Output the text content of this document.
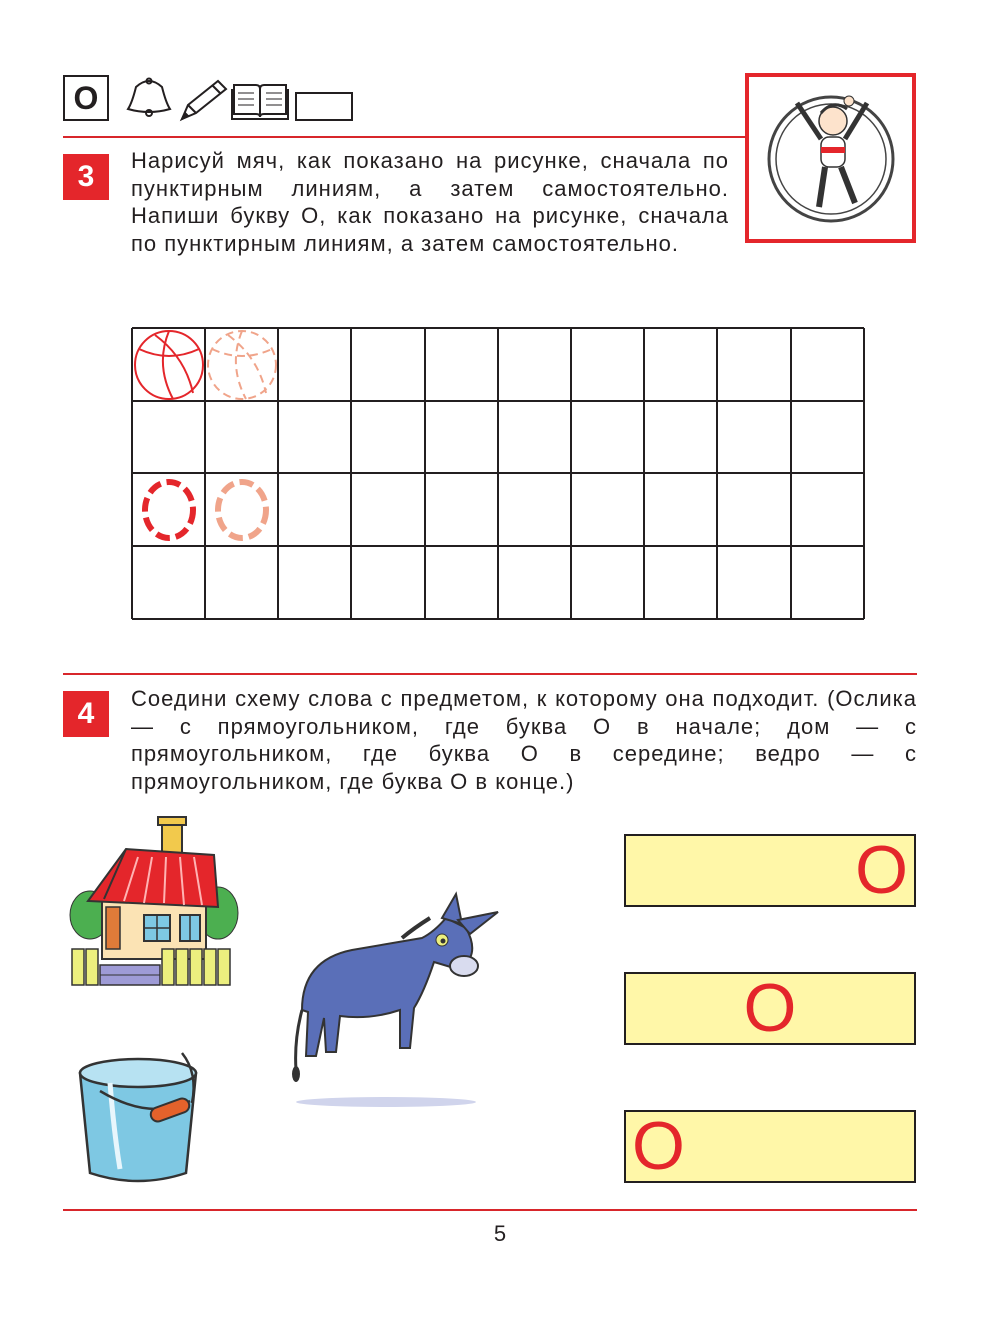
О
3	Нарисуй мяч, как показано на рисунке, сначала по пунктирным линиям, а затем самостоятельно. Напиши букву О, как показано на рисунке, сначала по пунктирным линиям, а затем самостоятельно.
4	Соедини схему слова с предметом, к которому она подходит. (Ослика — с прямоугольником, где буква О в начале; дом — с прямоугольником, где буква О в середине; ведро — с прямоугольником, где буква О в конце.)
О
О
О
5
